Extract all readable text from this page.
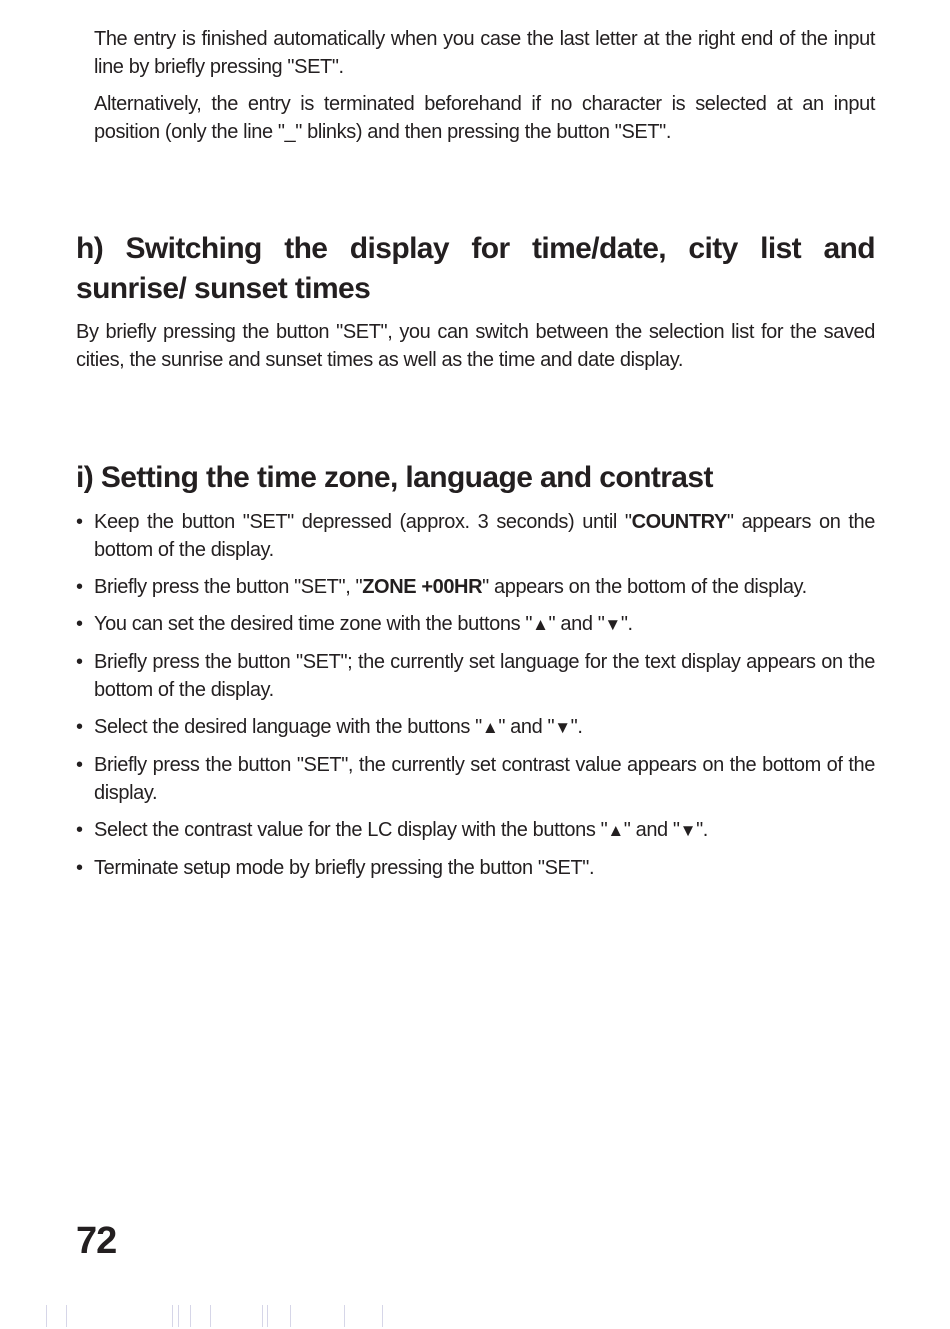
The entry is finished automatically when you case the last letter at the right end of the input line by briefly pressing "SET".

Alternatively, the entry is terminated beforehand if no character is selected at an input position (only the line "_" blinks) and then pressing the button "SET".

h) Switching the display for time/date, city list and sunrise/ sunset times

By briefly pressing the button "SET", you can switch between the selection list for the saved cities, the sunrise and sunset times as well as the time and date display.

i) Setting the time zone, language and contrast
• Keep the button "SET" depressed (approx. 3 seconds) until "COUNTRY" appears on the bottom of the display.
• Briefly press the button "SET", "ZONE +00HR" appears on the bottom of the display.
• You can set the desired time zone with the buttons "▲" and "▼".
• Briefly press the button "SET"; the currently set language for the text display appears on the bottom of the display.
• Select the desired language with the buttons "▲" and "▼".
• Briefly press the button "SET", the currently set contrast value appears on the bottom of the display.
• Select the contrast value for the LC display with the buttons "▲" and "▼".
• Terminate setup mode by briefly pressing the button "SET".
72
